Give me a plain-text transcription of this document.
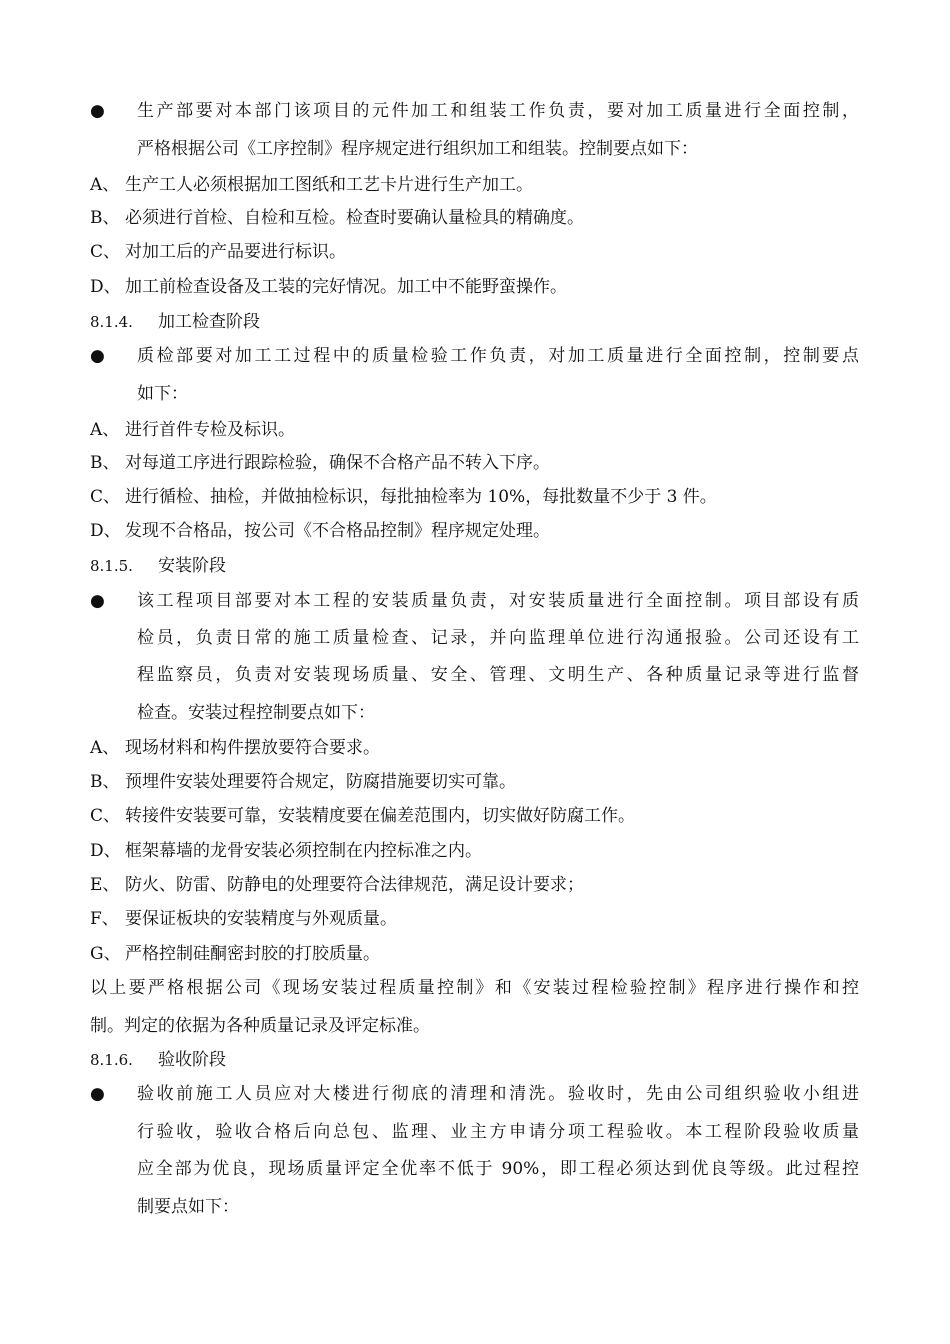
● 生产部要对本部门该项目的元件加工和组装工作负责，要对加工质量进行全面控制，
严格根据公司《工序控制》程序规定进行组织加工和组装。控制要点如下：
A、 生产工人必须根据加工图纸和工艺卡片进行生产加工。
B、 必须进行首检、自检和互检。检查时要确认量检具的精确度。
C、 对加工后的产品要进行标识。
D、 加工前检查设备及工装的完好情况。加工中不能野蛮操作。
8.1.4. 加工检查阶段
● 质检部要对加工工过程中的质量检验工作负责，对加工质量进行全面控制，控制要点
如下：
A、 进行首件专检及标识。
B、 对每道工序进行跟踪检验，确保不合格产品不转入下序。
C、 进行循检、抽检，并做抽检标识，每批抽检率为 10%，每批数量不少于 3 件。
D、 发现不合格品，按公司《不合格品控制》程序规定处理。
8.1.5. 安装阶段
● 该工程项目部要对本工程的安装质量负责，对安装质量进行全面控制。项目部设有质
检员，负责日常的施工质量检查、记录，并向监理单位进行沟通报验。公司还设有工
程监察员，负责对安装现场质量、安全、管理、文明生产、各种质量记录等进行监督
检查。安装过程控制要点如下：
A、 现场材料和构件摆放要符合要求。
B、 预埋件安装处理要符合规定，防腐措施要切实可靠。
C、 转接件安装要可靠，安装精度要在偏差范围内，切实做好防腐工作。
D、 框架幕墙的龙骨安装必须控制在内控标准之内。
E、 防火、防雷、防静电的处理要符合法律规范，满足设计要求；
F、 要保证板块的安装精度与外观质量。
G、 严格控制硅酮密封胶的打胶质量。
以上要严格根据公司《现场安装过程质量控制》和《安装过程检验控制》程序进行操作和控
制。判定的依据为各种质量记录及评定标准。
8.1.6. 验收阶段
● 验收前施工人员应对大楼进行彻底的清理和清洗。验收时，先由公司组织验收小组进
行验收，验收合格后向总包、监理、业主方申请分项工程验收。本工程阶段验收质量
应全部为优良，现场质量评定全优率不低于 90%，即工程必须达到优良等级。此过程控
制要点如下：
